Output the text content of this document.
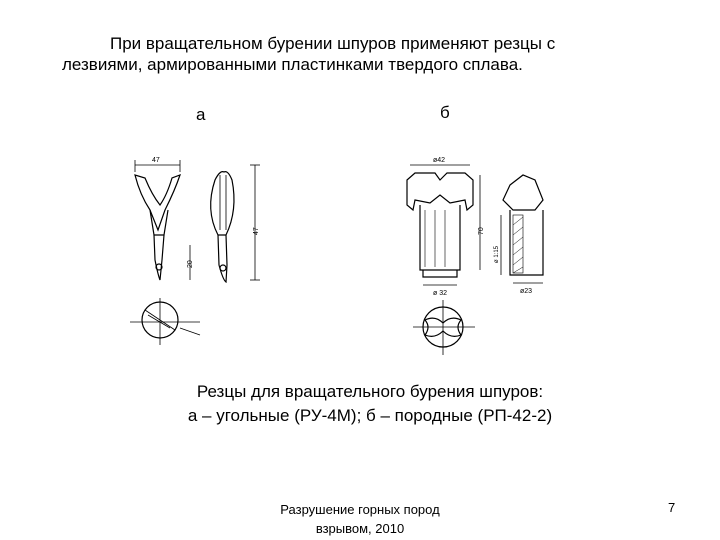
При вращательном бурении шпуров применяют резцы с
лезвиями, армированными пластинками твердого сплава.
а	б
47
20
47
ø42
70
ø 32
ø 1:15
ø23
Резцы для вращательного бурения шпуров:
а – угольные (РУ-4М); б – породные (РП-42-2)
Разрушение горных пород
взрывом, 2010
7
